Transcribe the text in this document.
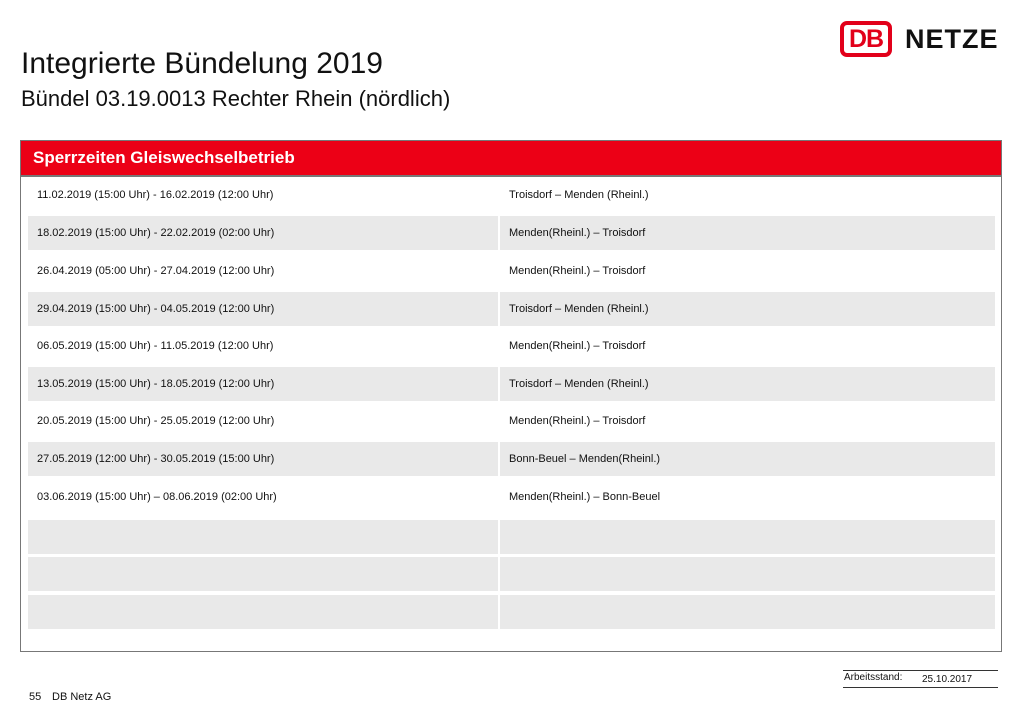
DB NETZE
Integrierte Bündelung 2019
Bündel 03.19.0013 Rechter Rhein (nördlich)
Sperrzeiten Gleiswechselbetrieb
11.02.2019 (15:00 Uhr) - 16.02.2019 (12:00 Uhr)	Troisdorf – Menden (Rheinl.)
18.02.2019 (15:00 Uhr) - 22.02.2019 (02:00 Uhr)	Menden(Rheinl.) – Troisdorf
26.04.2019 (05:00 Uhr) - 27.04.2019 (12:00 Uhr)	Menden(Rheinl.) – Troisdorf
29.04.2019 (15:00 Uhr) - 04.05.2019 (12:00 Uhr)	Troisdorf – Menden (Rheinl.)
06.05.2019 (15:00 Uhr) - 11.05.2019 (12:00 Uhr)	Menden(Rheinl.) – Troisdorf
13.05.2019 (15:00 Uhr) - 18.05.2019 (12:00 Uhr)	Troisdorf – Menden (Rheinl.)
20.05.2019 (15:00 Uhr) - 25.05.2019 (12:00 Uhr)	Menden(Rheinl.) – Troisdorf
27.05.2019 (12:00 Uhr) - 30.05.2019 (15:00 Uhr)	Bonn-Beuel – Menden(Rheinl.)
03.06.2019 (15:00 Uhr) – 08.06.2019 (02:00 Uhr)	Menden(Rheinl.) – Bonn-Beuel
Arbeitsstand: 25.10.2017
55 DB Netz AG
